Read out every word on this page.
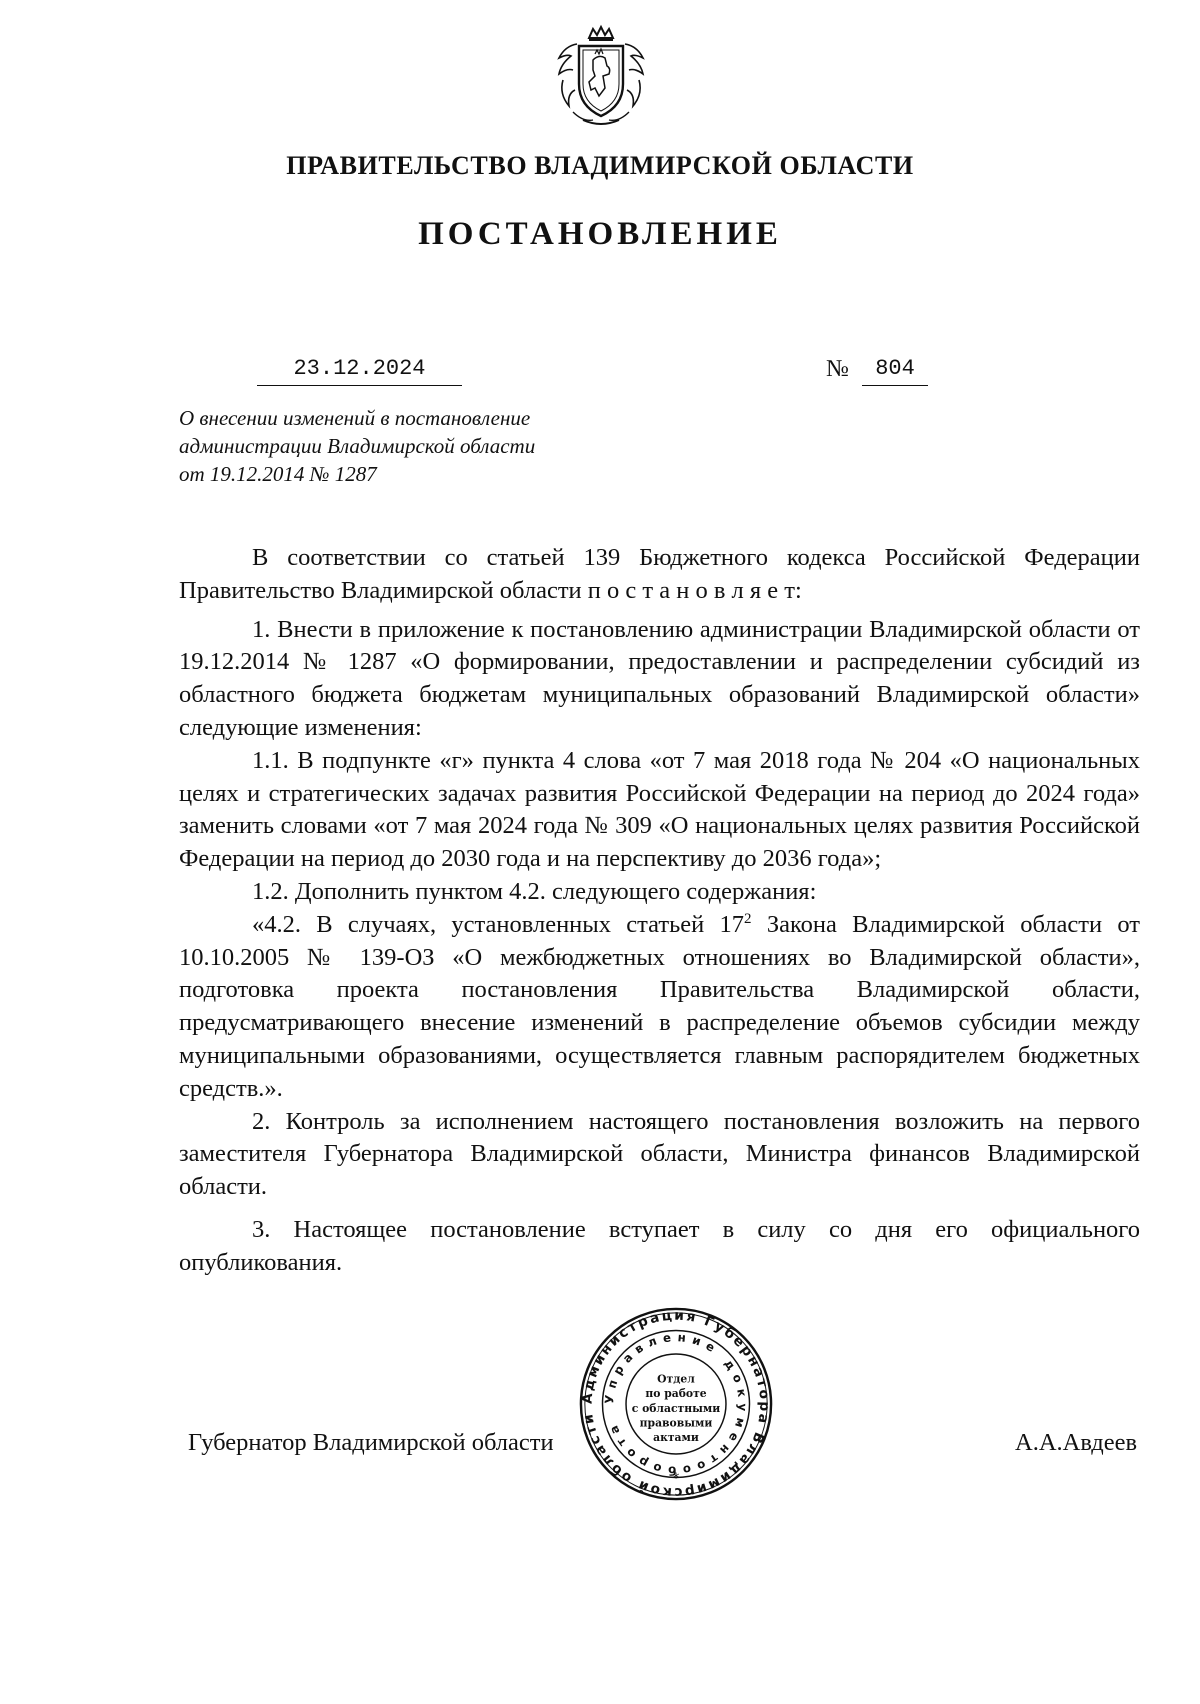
ПРАВИТЕЛЬСТВО ВЛАДИМИРСКОЙ ОБЛАСТИ
ПОСТАНОВЛЕНИЕ
23.12.2024	№	804
О внесении изменений в постановление
администрации Владимирской области
от 19.12.2014 № 1287

В соответствии со статьей 139 Бюджетного кодекса Российской Федерации Правительство Владимирской области п о с т а н о в л я е т:

1. Внести в приложение к постановлению администрации Владимирской области от 19.12.2014 № 1287 «О формировании, предоставлении и распределении субсидий из областного бюджета бюджетам муниципальных образований Владимирской области» следующие изменения:

1.1. В подпункте «г» пункта 4 слова «от 7 мая 2018 года № 204 «О национальных целях и стратегических задачах развития Российской Федерации на период до 2024 года» заменить словами «от 7 мая 2024 года № 309 «О национальных целях развития Российской Федерации на период до 2030 года и на перспективу до 2036 года»;

1.2. Дополнить пунктом 4.2. следующего содержания:

«4.2. В случаях, установленных статьей $17^2$ Закона Владимирской области от 10.10.2005 № 139-ОЗ «О межбюджетных отношениях во Владимирской области», подготовка проекта постановления Правительства Владимирской области, предусматривающего внесение изменений в распределение объемов субсидии между муниципальными образованиями, осуществляется главным распорядителем бюджетных средств.».

2. Контроль за исполнением настоящего постановления возложить на первого заместителя Губернатора Владимирской области, Министра финансов Владимирской области.

3. Настоящее постановление вступает в силу со дня его официального опубликования.

Губернатор Владимирской области	А.А.Авдеев
Администрация Губернатора Владимирской области
Управление документооборота
Отдел
по работе
с областными
правовыми
актами
*
